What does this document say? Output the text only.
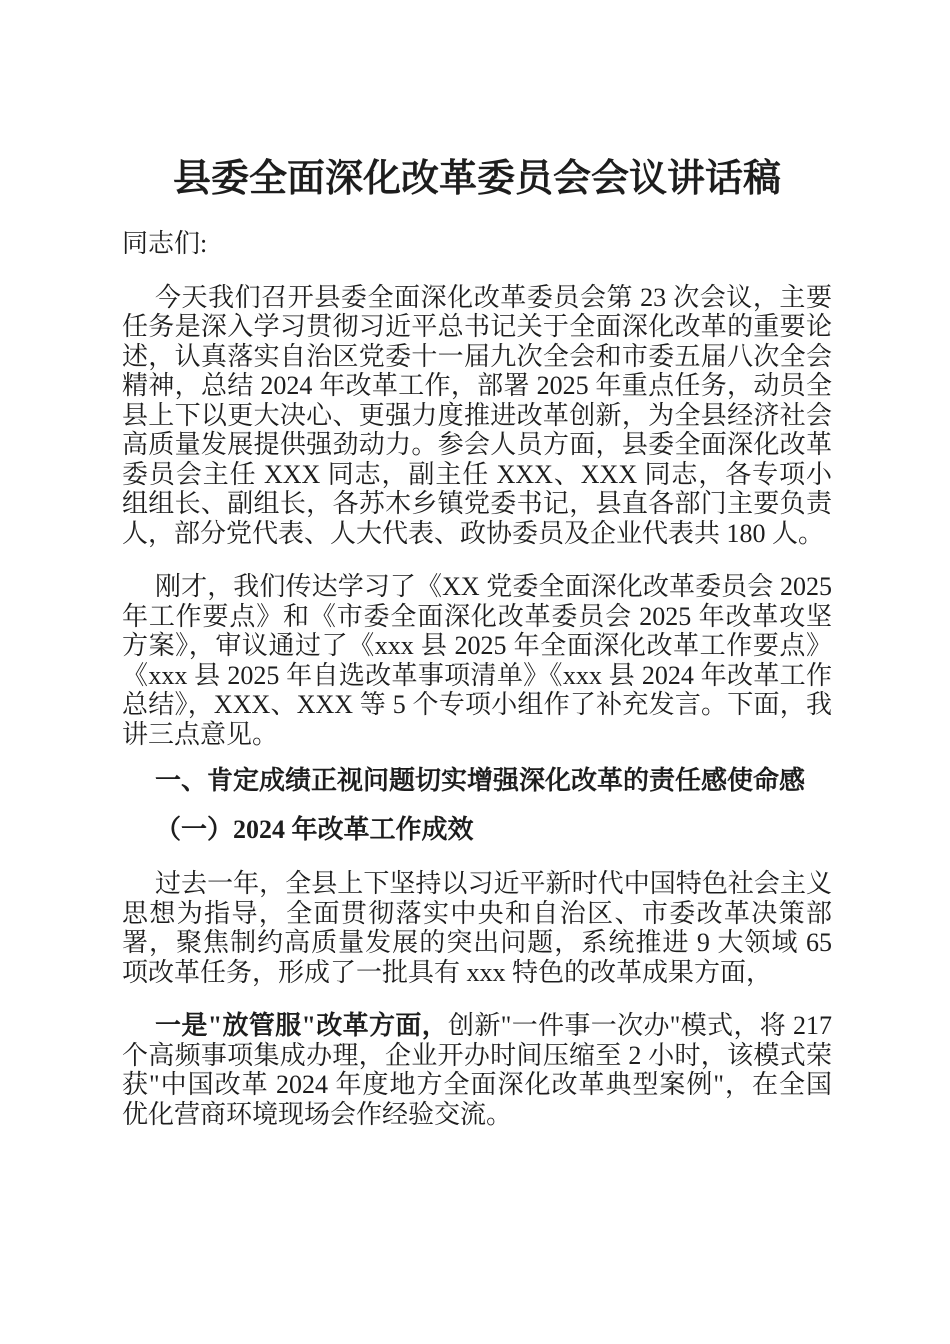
县委全面深化改革委员会会议讲话稿

同志们:

今天我们召开县委全面深化改革委员会第 23 次会议，主要任务是深入学习贯彻习近平总书记关于全面深化改革的重要论述，认真落实自治区党委十一届九次全会和市委五届八次全会精神，总结 2024 年改革工作，部署 2025 年重点任务，动员全县上下以更大决心、更强力度推进改革创新，为全县经济社会高质量发展提供强劲动力。参会人员方面，县委全面深化改革委员会主任 XXX 同志，副主任 XXX、XXX 同志，各专项小组组长、副组长，各苏木乡镇党委书记，县直各部门主要负责人，部分党代表、人大代表、政协委员及企业代表共 180 人。

刚才，我们传达学习了《XX 党委全面深化改革委员会 2025 年工作要点》和《市委全面深化改革委员会 2025 年改革攻坚方案》，审议通过了《xxx 县 2025 年全面深化改革工作要点》《xxx 县 2025 年自选改革事项清单》《xxx 县 2024 年改革工作总结》，XXX、XXX 等 5 个专项小组作了补充发言。下面，我讲三点意见。

一、肯定成绩正视问题切实增强深化改革的责任感使命感
（一）2024 年改革工作成效

过去一年，全县上下坚持以习近平新时代中国特色社会主义思想为指导，全面贯彻落实中央和自治区、市委改革决策部署，聚焦制约高质量发展的突出问题，系统推进 9 大领域 65 项改革任务，形成了一批具有 xxx 特色的改革成果方面，

一是"放管服"改革方面，创新"一件事一次办"模式，将 217 个高频事项集成办理，企业开办时间压缩至 2 小时，该模式荣获"中国改革 2024 年度地方全面深化改革典型案例"，在全国优化营商环境现场会作经验交流。
